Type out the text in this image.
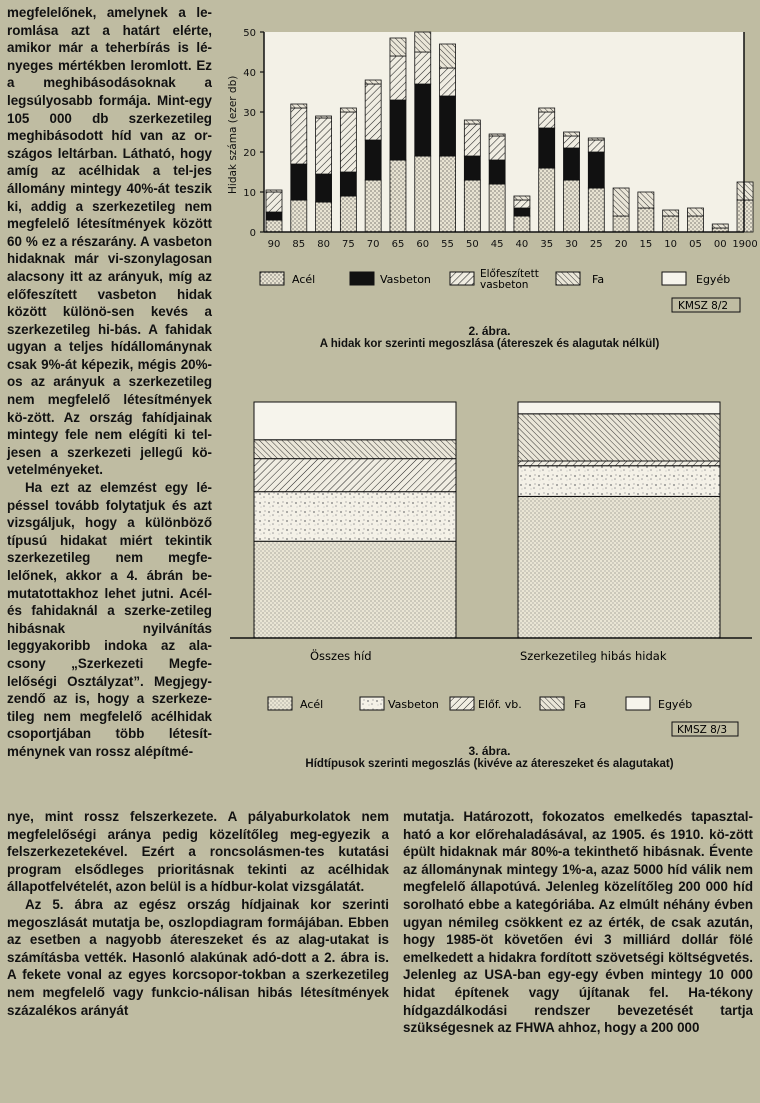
megfelelőnek, amelynek a le-romlása azt a határt elérte, amikor már a teherbírás is lé-nyeges mértékben leromlott. Ez a meghibásodásoknak a legsúlyosabb formája. Mint-egy 105 000 db szerkezetileg meghibásodott híd van az or-szágos leltárban. Látható, hogy amíg az acélhidak a tel-jes állomány mintegy 40%-át teszik ki, addig a szerkezetileg nem megfelelő létesítmények között 60 % ez a részarány. A vasbeton hidaknak már vi-szonylagosan alacsony itt az arányuk, míg az előfeszített vasbeton hidak között különö-sen kevés a szerkezetileg hi-bás. A fahidak ugyan a teljes hídállománynak csak 9%-át képezik, mégis 20%-os az arányuk a szerkezetileg nem megfelelő létesítmények kö-zött. Az ország fahídjainak mintegy fele nem elégíti ki tel-jesen a szerkezeti jellegű kö-vetelményeket.

Ha ezt az elemzést egy lé-péssel tovább folytatjuk és azt vizsgáljuk, hogy a különböző típusú hidakat miért tekintik szerkezetileg nem megfe-lelőnek, akkor a 4. ábrán be-mutatottakhoz lehet jutni. Acél- és fahidaknál a szerke-zetileg hibásnak nyilvánítás leggyakoribb indoka az ala-csony „Szerkezeti Megfe-lelőségi Osztályzat”. Megjegy-zendő az is, hogy a szerkeze-tileg nem megfelelő acélhidak csoportjában több létesít-ménynek van rossz alépítmé-

0
10
20
30
40
50
90 85 80 75 70 65 60 55 50 45 40 35 30 25 20 15 10 05 00 1900
Hidak száma (ezer db)
Acél	Vasbeton	Előfeszített
vasbeton	Fa	Egyéb
KMSZ 8/2
2. ábra.
A hidak kor szerinti megoszlása (átereszek és alagutak nélkül)
Összes híd	Szerkezetileg hibás hidak
Acél	Vasbeton	Előf. vb.	Fa	Egyéb
KMSZ 8/3
3. ábra.
Hídtípusok szerinti megoszlás (kivéve az átereszeket és alagutakat)

nye, mint rossz felszerkezete. A pályaburkolatok nem megfelelőségi aránya pedig közelítőleg meg-egyezik a felszerkezetekével. Ezért a roncsolásmen-tes kutatási program elsődleges prioritásnak tekinti az acélhidak állapotfelvételét, azon belül is a hídbur-kolat vizsgálatát.

Az 5. ábra az egész ország hídjainak kor szerinti megoszlását mutatja be, oszlopdiagram formájában. Ebben az esetben a nagyobb átereszeket és az alag-utakat is számításba vették. Hasonló alakúnak adó-dott a 2. ábra is. A fekete vonal az egyes korcsopor-tokban a szerkezetileg nem megfelelő vagy funkcio-nálisan hibás létesítmények százalékos arányát

mutatja. Határozott, fokozatos emelkedés tapasztal-ható a kor előrehaladásával, az 1905. és 1910. kö-zött épült hidaknak már 80%-a tekinthető hibásnak. Évente az állománynak mintegy 1%-a, azaz 5000 híd válik nem megfelelő állapotúvá. Jelenleg közelítőleg 200 000 híd sorolható ebbe a kategóriába. Az elmúlt néhány évben ugyan némileg csökkent ez az érték, de csak azután, hogy 1985-öt követően évi 3 milliárd dollár fölé emelkedett a hidakra fordított szövetségi költségvetés. Jelenleg az USA-ban egy-egy évben mintegy 10 000 hidat építenek vagy újítanak fel. Ha-tékony hídgazdálkodási rendszer bevezetését tartja szükségesnek az FHWA ahhoz, hogy a 200 000
